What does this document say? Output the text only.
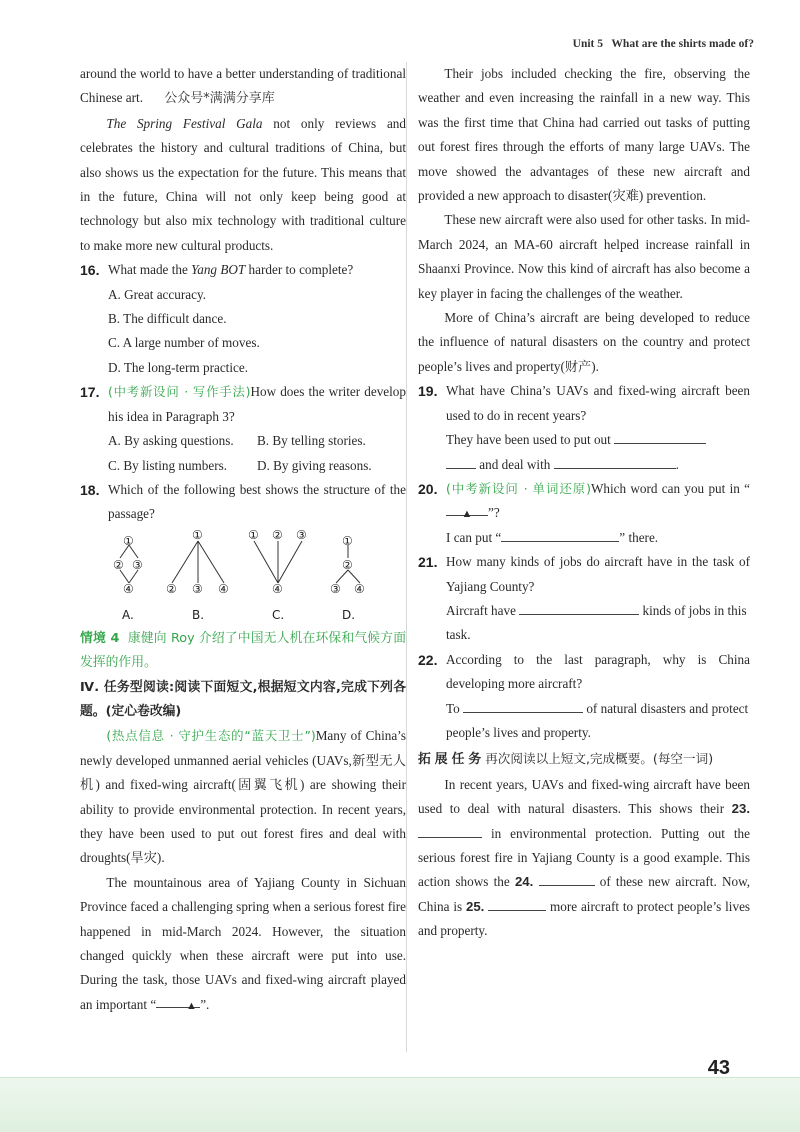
Unit 5 What are the shirts made of?

around the world to have a better understanding of traditional Chinese art. 公众号*满满分享库

The Spring Festival Gala not only reviews and celebrates the history and cultural traditions of China, but also shows us the expectation for the future. This means that in the future, China will not only keep being good at technology but also mix technology with traditional culture to make more new cultural products.

16. What made the Yang BOT harder to complete?

A. Great accuracy.

B. The difficult dance.

C. A large number of moves.

D. The long-term practice.

17. (中考新设问 · 写作手法)How does the writer develop his idea in Paragraph 3?
A. By asking questions.	B. By telling stories.
C. By listing numbers.	D. By giving reasons.
18. Which of the following best shows the structure of the passage?
①
② ③
④
A.
①
② ③ ④
B.
① ② ③
④
C.
①
②
③ ④
D.

情境 4 康健向 Roy 介绍了中国无人机在环保和气候方面发挥的作用。

Ⅳ. 任务型阅读:阅读下面短文,根据短文内容,完成下列各题。(定心卷改编)

(热点信息 · 守护生态的“蓝天卫士”)Many of China’s newly developed unmanned aerial vehicles (UAVs,新型无人机) and fixed-wing aircraft(固翼飞机) are showing their ability to provide environmental protection. In recent years, they have been used to put out forest fires and deal with droughts(旱灾).

The mountainous area of Yajiang County in Sichuan Province faced a challenging spring when a serious forest fire happened in mid-March 2024. However, the situation changed quickly when these aircraft were put into use. During the task, those UAVs and fixed-wing aircraft played an important “	▲ ”.

Their jobs included checking the fire, observing the weather and even increasing the rainfall in a new way. This was the first time that China had carried out tasks of putting out forest fires through the efforts of many large UAVs. The move showed the advantages of these new aircraft and provided a new approach to disaster(灾难) prevention.

These new aircraft were also used for other tasks. In mid-March 2024, an MA-60 aircraft helped increase rainfall in Shaanxi Province. Now this kind of aircraft has also become a key player in facing the challenges of the weather.

More of China’s aircraft are being developed to reduce the influence of natural disasters on the country and protect people’s lives and property(财产).

19. What have China’s UAVs and fixed-wing aircraft been used to do in recent years?

They have been used to put out

and deal with	.

20. (中考新设问 · 单词还原)Which word can you put in “▲ ”?

I can put “	” there.

21. How many kinds of jobs do aircraft have in the task of Yajiang County?

Aircraft have	kinds of jobs in this task.

22. According to the last paragraph, why is China developing more aircraft?

To	of natural disasters and protect people’s lives and property.

拓展任务再次阅读以上短文,完成概要。(每空一词)

In recent years, UAVs and fixed-wing aircraft have been used to deal with natural disasters. This shows their 23.  in environmental protection. Putting out the serious forest fire in Yajiang County is a good example. This action shows the 24.	of these new aircraft. Now, China is 25.	more aircraft to protect people’s lives and property.

43
